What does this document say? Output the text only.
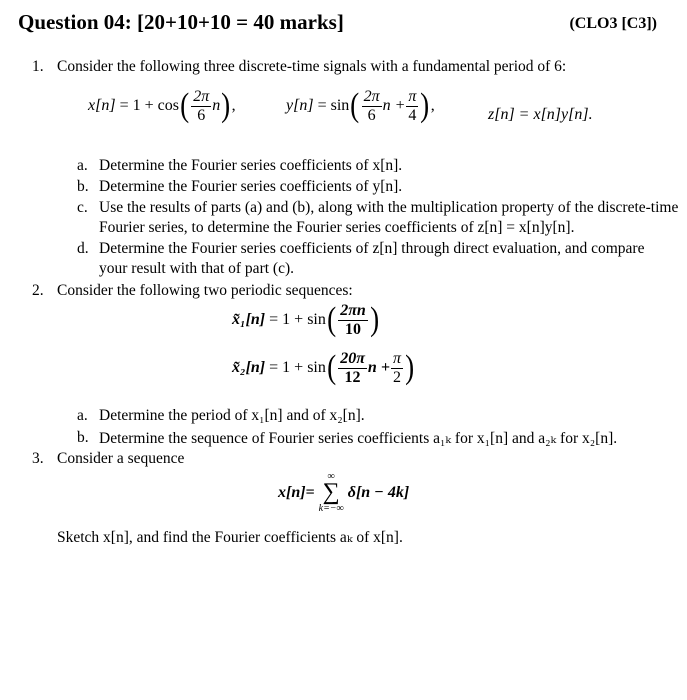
Question 04: [20+10+10 = 40 marks]	(CLO3 [C3])
1. Consider the following three discrete-time signals with a fundamental period of 6:
x[n]
= 1 + cos ( $\frac{2\pi}{6}$ n ) ,	y[n]
= sin ( $\frac{2\pi}{6}$ $n + \frac{\pi}{4}$ ) ,
z[n] = x[n]y[n].
a. Determine the Fourier series coefficients of x[n].
b. Determine the Fourier series coefficients of y[n].
c. Use the results of parts (a) and (b), along with the multiplication property of the discrete-time
Fourier series, to determine the Fourier series coefficients of z[n] = x[n]y[n].
d. Determine the Fourier series coefficients of z[n] through direct evaluation, and compare
your result with that of part (c).
2. Consider the following two periodic sequences:
x̃₁[n]
= 1 + sin ( $\frac{2\pi n}{10}$ )
x̃₂[n]
= 1 + sin ( $\frac{20\pi}{12}$ $n + \frac{\pi}{2}$ )
a. Determine the period of x₁[n] and of x₂[n].
b. Determine the sequence of Fourier series coefficients a₁ₖ for x₁[n] and a₂ₖ for x₂[n].
3. Consider a sequence
x[n]=
∞
∑
k=−∞
δ[n − 4k]
Sketch x[n], and find the Fourier coefficients aₖ of x[n].
